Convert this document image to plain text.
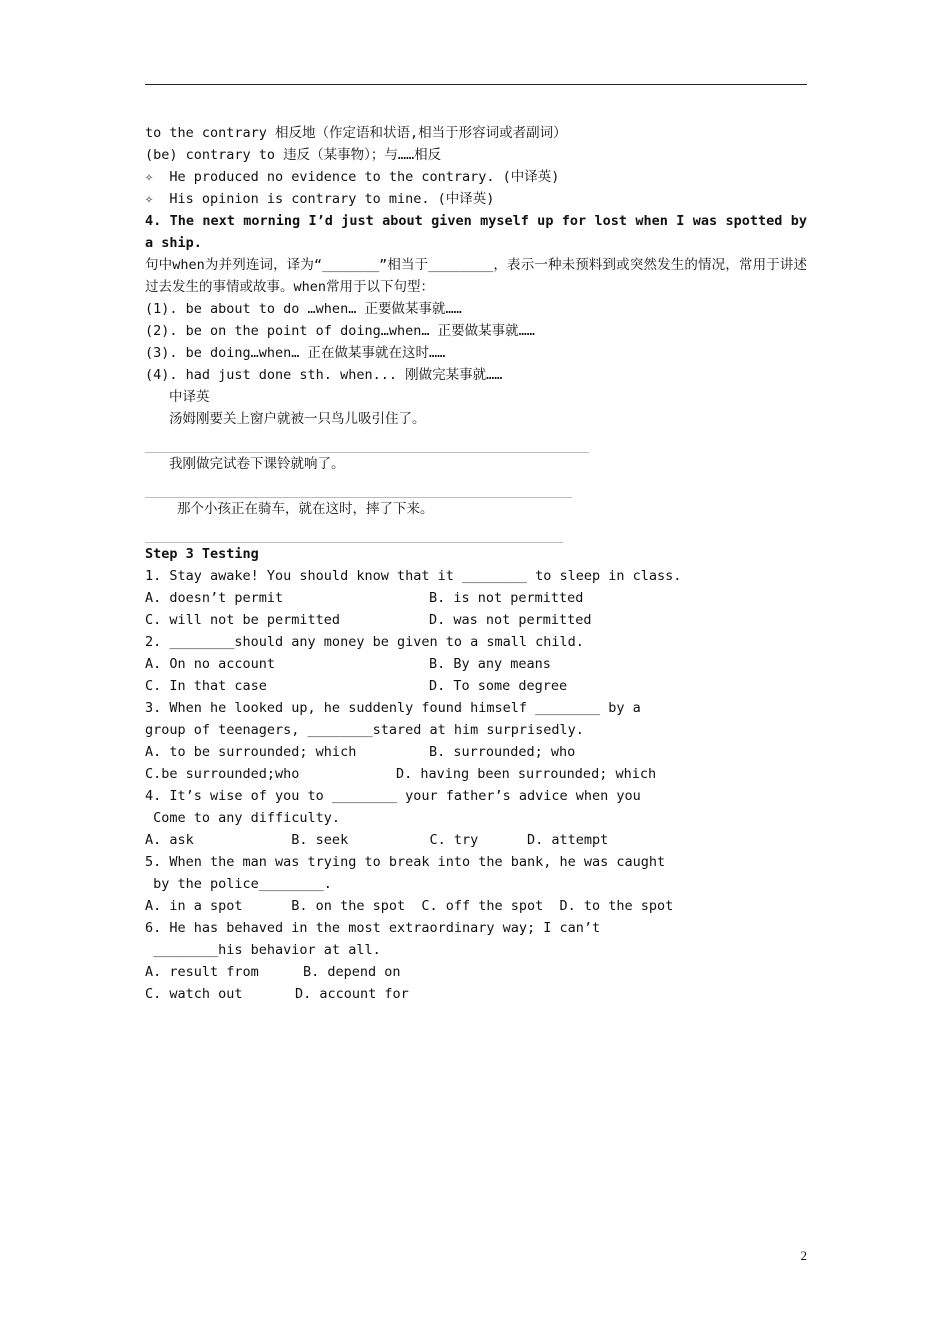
to the contrary 相反地（作定语和状语,相当于形容词或者副词）
(be) contrary to 违反（某事物）；与……相反
✧  He produced no evidence to the contrary. (中译英)
✧  His opinion is contrary to mine. (中译英)
4. The next morning I’d just about given myself up for lost when I was spotted by a ship.
句中when为并列连词，译为“_______”相当于________，表示一种未预料到或突然发生的情况，常用于讲述过去发生的事情或故事。when常用于以下句型：
(1). be about to do …when… 正要做某事就……
(2). be on the point of doing…when… 正要做某事就……
(3). be doing…when… 正在做某事就在这时……
(4). had just done sth. when... 刚做完某事就……
中译英
汤姆刚要关上窗户就被一只鸟儿吸引住了。
我刚做完试卷下课铃就响了。
那个小孩正在骑车，就在这时，摔了下来。
Step 3 Testing
1. Stay awake! You should know that it ________ to sleep in class.
A. doesn’t permit	B. is not permitted
C. will not be permitted	D. was not permitted
2. ________should any money be given to a small child.
A. On no account	B. By any means
C. In that case	D. To some degree
3. When he looked up, he suddenly found himself ________ by a
group of teenagers, ________stared at him surprisedly.
A. to be surrounded; which	B. surrounded; who
C.be surrounded;who	D. having been surrounded; which
4. It’s wise of you to ________ your father’s advice when you
Come to any difficulty.
A. ask            B. seek          C. try      D. attempt
5. When the man was trying to break into the bank, he was caught
by the police________.
A. in a spot      B. on the spot  C. off the spot  D. to the spot
6. He has behaved in the most extraordinary way; I can’t
________his behavior at all.
A. result from	B. depend on
C. watch out	D. account for
2
